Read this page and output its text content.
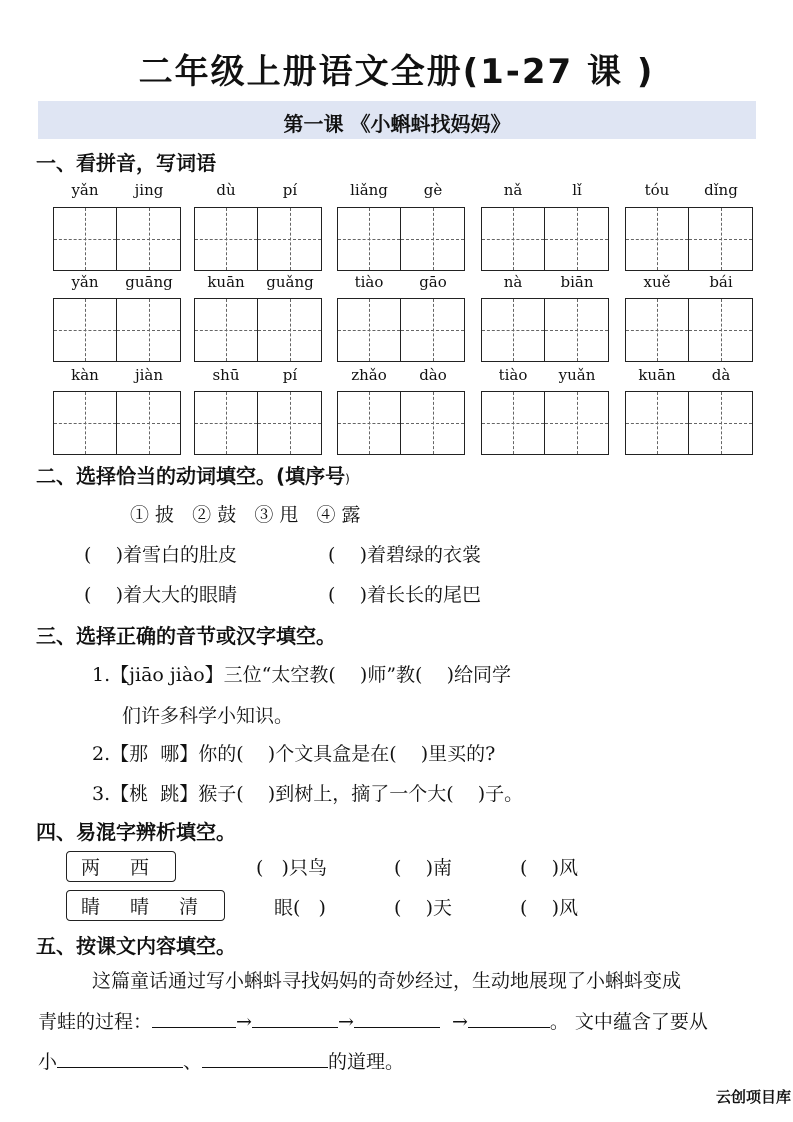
二年级上册语文全册(1-27 课 )
第一课 《小蝌蚪找妈妈》
一、看拼音，写词语
yǎn	jing	dù	pí	liǎng	gè	nǎ	lǐ	tóu	dǐng
yǎn	guāng	kuān	guǎng	tiào	gāo	nà	biān	xuě	bái
kàn	jiàn	shū	pí	zhǎo	dào	tiào	yuǎn	kuān	dà
二、选择恰当的动词填空。(填序号)
① 披   ② 鼓   ③ 甩   ④ 露
(    )着雪白的肚皮	(    )着碧绿的衣裳
(    )着大大的眼睛	(    )着长长的尾巴
三、选择正确的音节或汉字填空。
1.【jiāo jiào】三位“太空教(    )师”教(    )给同学
们许多科学小知识。
2.【那  哪】你的(    )个文具盒是在(    )里买的?
3.【桃  跳】猴子(    )到树上，摘了一个大(    )子。
四、易混字辨析填空。
两 西	(   )只鸟	(    )南	(    )风
睛 晴 清	眼(   )	(    )天	(    )风
五、按课文内容填空。
这篇童话通过写小蝌蚪寻找妈妈的奇妙经过，生动地展现了小蝌蚪变成
青蛙的过程：	→	→	→	。 文中蕴含了要从
小	、	的道理。
云创项目库
